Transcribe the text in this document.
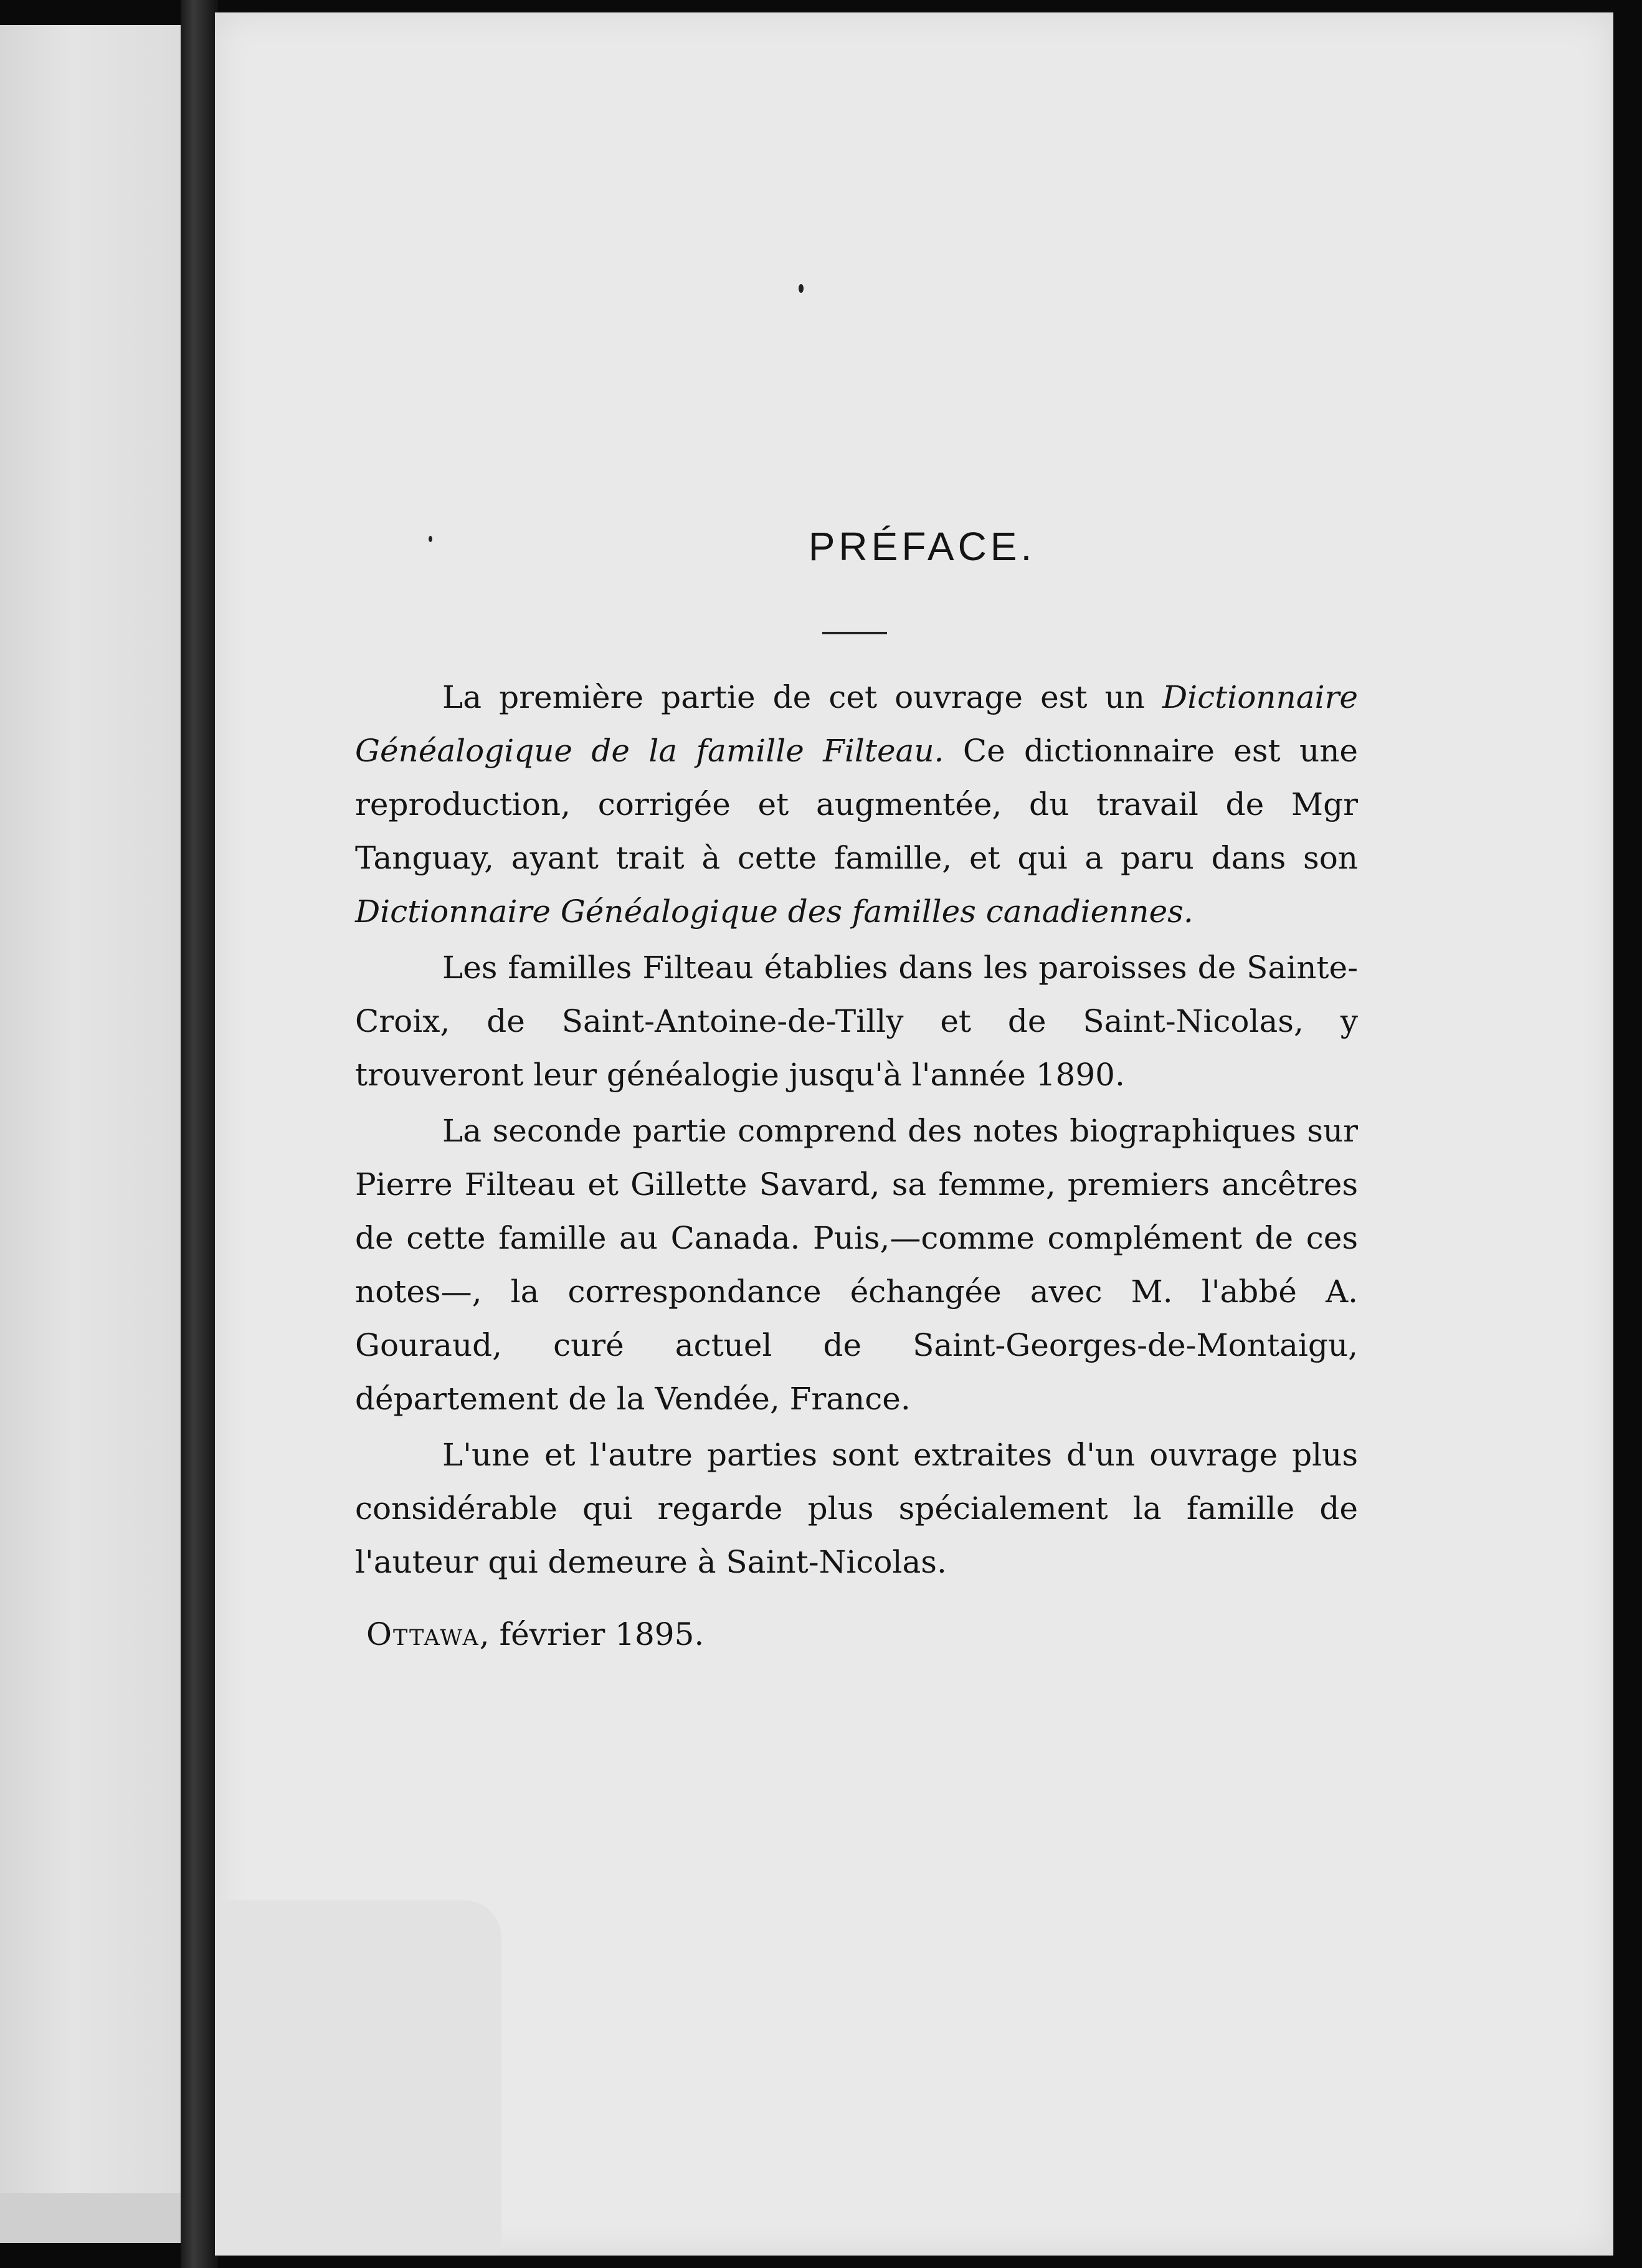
PRÉFACE.

La première partie de cet ouvrage est un Dictionnaire Généalogique de la famille Filteau. Ce dictionnaire est une reproduction, corrigée et augmentée, du travail de Mgr Tanguay, ayant trait à cette famille, et qui a paru dans son Dictionnaire Généalogique des familles canadiennes.

Les familles Filteau établies dans les paroisses de Sainte-Croix, de Saint-Antoine-de-Tilly et de Saint-Nicolas, y trouveront leur généalogie jusqu'à l'année 1890.

La seconde partie comprend des notes biographiques sur Pierre Filteau et Gillette Savard, sa femme, premiers ancêtres de cette famille au Canada. Puis,—comme complément de ces notes—, la correspondance échangée avec M. l'abbé A. Gouraud, curé actuel de Saint-Georges-de-Montaigu, département de la Vendée, France.

L'une et l'autre parties sont extraites d'un ouvrage plus considérable qui regarde plus spécialement la famille de l'auteur qui demeure à Saint-Nicolas.

Ottawa, février 1895.
